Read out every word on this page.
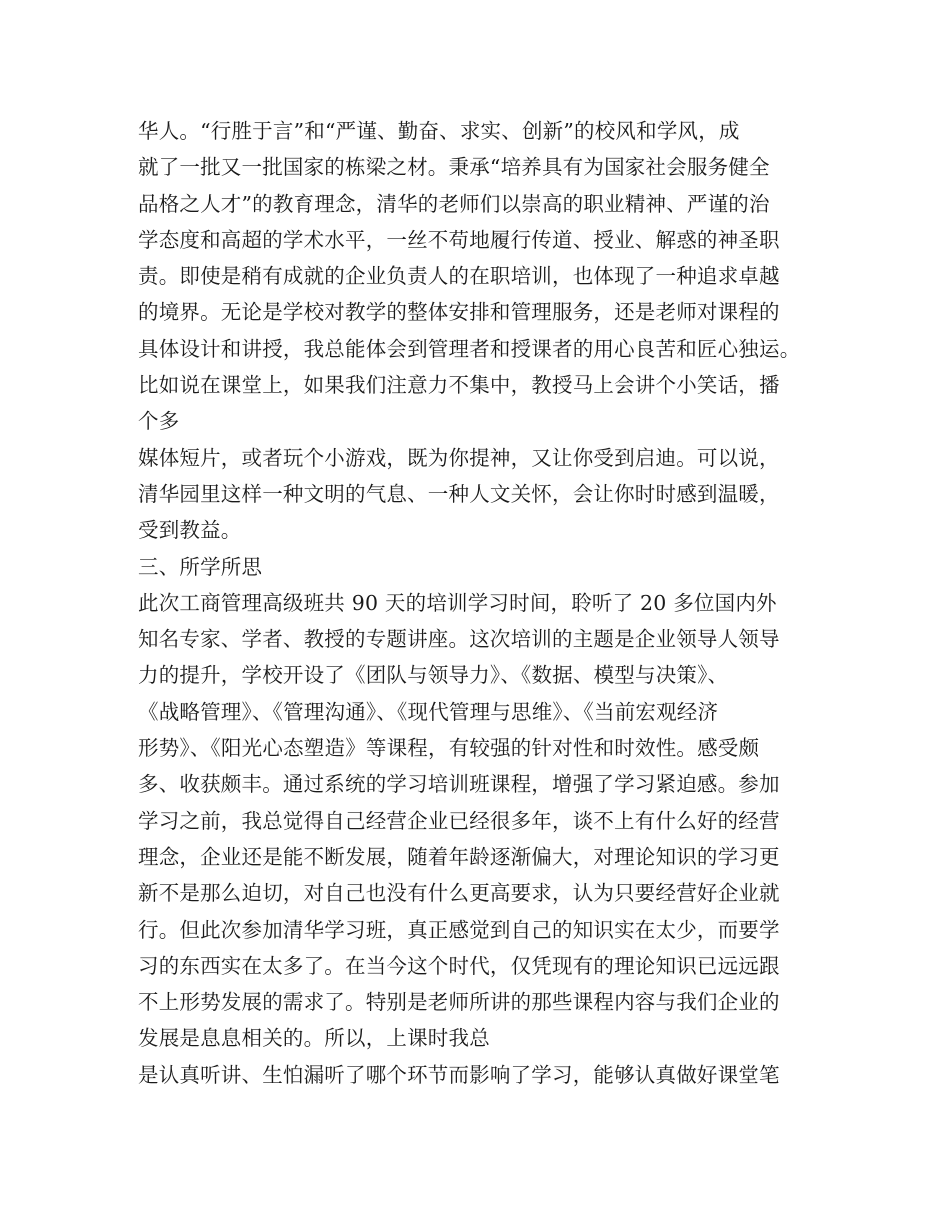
华人。“行胜于言”和“严谨、勤奋、求实、创新”的校风和学风，成
就了一批又一批国家的栋梁之材。秉承“培养具有为国家社会服务健全
品格之人才”的教育理念，清华的老师们以崇高的职业精神、严谨的治
学态度和高超的学术水平，一丝不苟地履行传道、授业、解惑的神圣职
责。即使是稍有成就的企业负责人的在职培训，也体现了一种追求卓越
的境界。无论是学校对教学的整体安排和管理服务，还是老师对课程的
具体设计和讲授，我总能体会到管理者和授课者的用心良苦和匠心独运。
比如说在课堂上，如果我们注意力不集中，教授马上会讲个小笑话，播
个多
媒体短片，或者玩个小游戏，既为你提神，又让你受到启迪。可以说，
清华园里这样一种文明的气息、一种人文关怀，会让你时时感到温暖，
受到教益。
三、所学所思
此次工商管理高级班共 90 天的培训学习时间，聆听了 20 多位国内外
知名专家、学者、教授的专题讲座。这次培训的主题是企业领导人领导
力的提升，学校开设了《团队与领导力》、《数据、模型与决策》、
《战略管理》、《管理沟通》、《现代管理与思维》、《当前宏观经济
形势》、《阳光心态塑造》等课程，有较强的针对性和时效性。感受颇
多、收获颇丰。通过系统的学习培训班课程，增强了学习紧迫感。参加
学习之前，我总觉得自己经营企业已经很多年，谈不上有什么好的经营
理念，企业还是能不断发展，随着年龄逐渐偏大，对理论知识的学习更
新不是那么迫切，对自己也没有什么更高要求，认为只要经营好企业就
行。但此次参加清华学习班，真正感觉到自己的知识实在太少，而要学
习的东西实在太多了。在当今这个时代，仅凭现有的理论知识已远远跟
不上形势发展的需求了。特别是老师所讲的那些课程内容与我们企业的
发展是息息相关的。所以，上课时我总
是认真听讲、生怕漏听了哪个环节而影响了学习，能够认真做好课堂笔
